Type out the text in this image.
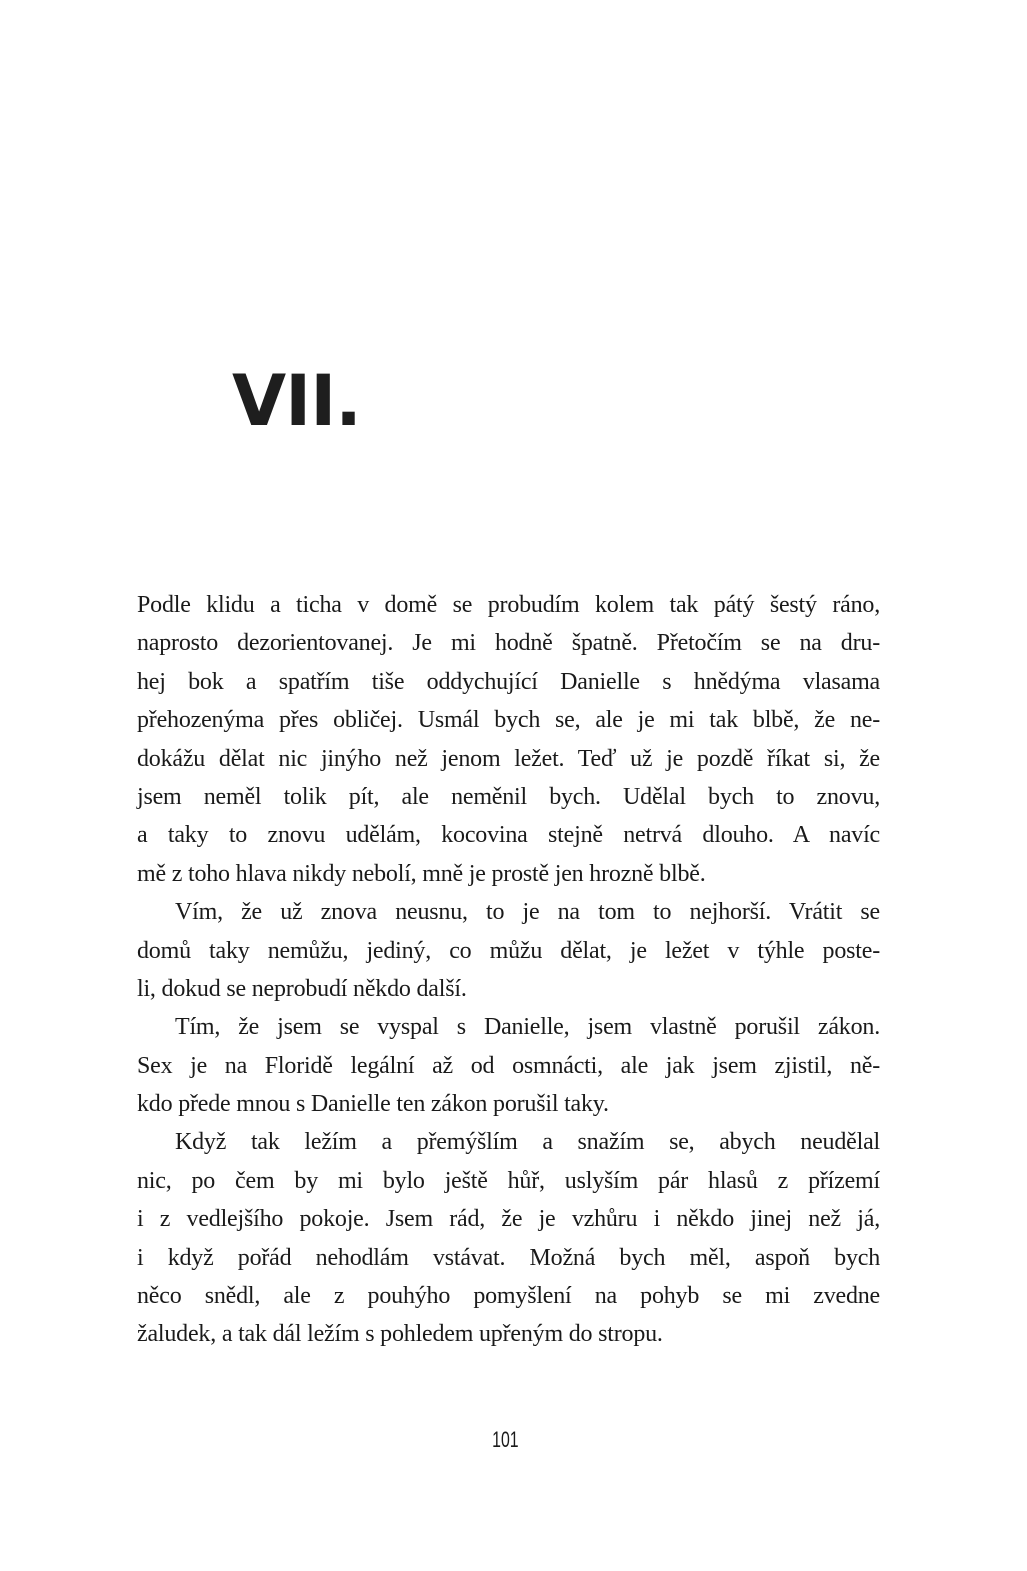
VII.
Podle klidu a ticha v domě se probudím kolem tak pátý šestý ráno,
naprosto dezorientovanej. Je mi hodně špatně. Přetočím se na dru-
hej bok a spatřím tiše oddychující Danielle s hnědýma vlasama
přehozenýma přes obličej. Usmál bych se, ale je mi tak blbě, že ne-
dokážu dělat nic jinýho než jenom ležet. Teď už je pozdě říkat si, že
jsem neměl tolik pít, ale neměnil bych. Udělal bych to znovu,
a taky to znovu udělám, kocovina stejně netrvá dlouho. A navíc
mě z toho hlava nikdy nebolí, mně je prostě jen hrozně blbě.
Vím, že už znova neusnu, to je na tom to nejhorší. Vrátit se
domů taky nemůžu, jediný, co můžu dělat, je ležet v týhle poste-
li, dokud se neprobudí někdo další.
Tím, že jsem se vyspal s Danielle, jsem vlastně porušil zákon.
Sex je na Floridě legální až od osmnácti, ale jak jsem zjistil, ně-
kdo přede mnou s Danielle ten zákon porušil taky.
Když tak ležím a přemýšlím a snažím se, abych neudělal
nic, po čem by mi bylo ještě hůř, uslyším pár hlasů z přízemí
i z vedlejšího pokoje. Jsem rád, že je vzhůru i někdo jinej než já,
i když pořád nehodlám vstávat. Možná bych měl, aspoň bych
něco snědl, ale z pouhýho pomyšlení na pohyb se mi zvedne
žaludek, a tak dál ležím s pohledem upřeným do stropu.
101
